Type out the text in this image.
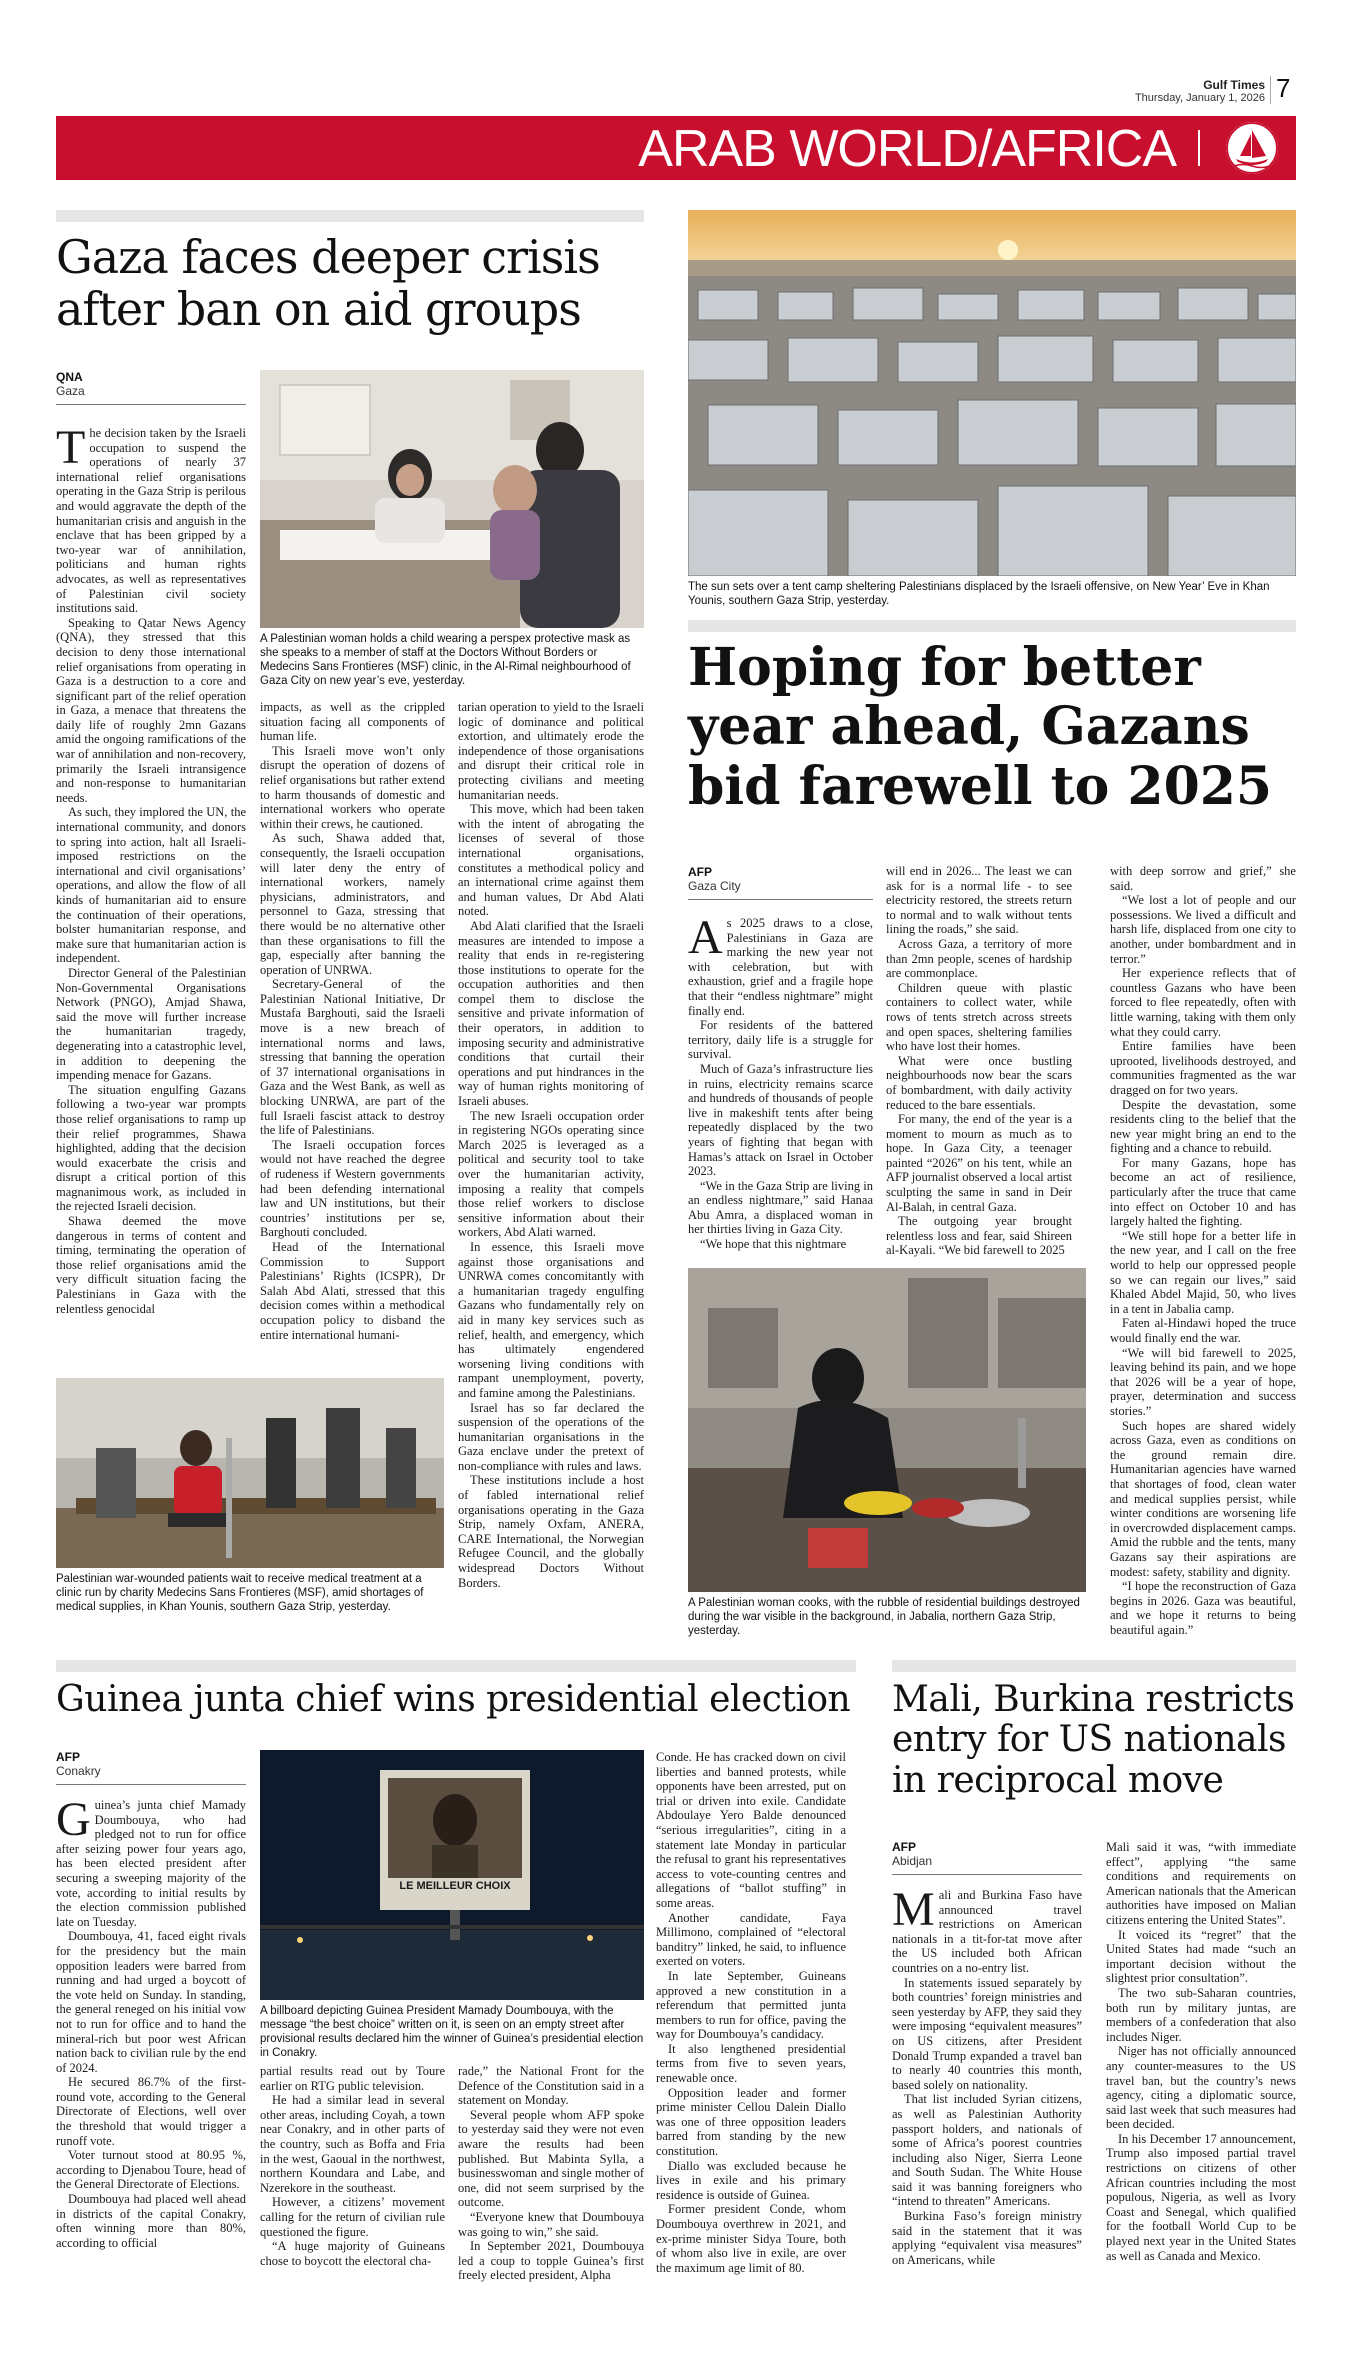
Gulf Times
Thursday, January 1, 2026 7
ARAB WORLD/AFRICA
Gaza faces deeper crisis after ban on aid groups
QNA
Gaza
A Palestinian woman holds a child wearing a perspex protective mask as she speaks to a member of staff at the Doctors Without Borders or Medecins Sans Frontieres (MSF) clinic, in the Al-Rimal neighbourhood of Gaza City on new year’s eve, yesterday.

The decision taken by the Israeli occupation to suspend the operations of nearly 37 international relief organisations operating in the Gaza Strip is perilous and would aggravate the depth of the humanitarian crisis and anguish in the enclave that has been gripped by a two-year war of annihilation, politicians and human rights advocates, as well as representatives of Palestinian civil society institutions said.

Speaking to Qatar News Agency (QNA), they stressed that this decision to deny those international relief organisations from operating in Gaza is a destruction to a core and significant part of the relief operation in Gaza, a menace that threatens the daily life of roughly 2mn Gazans amid the ongoing ramifications of the war of annihilation and non-recovery, primarily the Israeli intransigence and non-response to humanitarian needs.

As such, they implored the UN, the international community, and donors to spring into action, halt all Israeli-imposed restrictions on the international and civil organisations’ operations, and allow the flow of all kinds of humanitarian aid to ensure the continuation of their operations, bolster humanitarian response, and make sure that humanitarian action is independent.

Director General of the Palestinian Non-Governmental Organisations Network (PNGO), Amjad Shawa, said the move will further increase the humanitarian tragedy, degenerating into a catastrophic level, in addition to deepening the impending menace for Gazans.

The situation engulfing Gazans following a two-year war prompts those relief organisations to ramp up their relief programmes, Shawa highlighted, adding that the decision would exacerbate the crisis and disrupt a critical portion of this magnanimous work, as included in the rejected Israeli decision.

Shawa deemed the move dangerous in terms of content and timing, terminating the operation of those relief organisations amid the very difficult situation facing the Palestinians in Gaza with the relentless genocidal

impacts, as well as the crippled situation facing all components of human life.

This Israeli move won’t only disrupt the operation of dozens of relief organisations but rather extend to harm thousands of domestic and international workers who operate within their crews, he cautioned.

As such, Shawa added that, consequently, the Israeli occupation will later deny the entry of international workers, namely physicians, administrators, and personnel to Gaza, stressing that there would be no alternative other than these organisations to fill the gap, especially after banning the operation of UNRWA.

Secretary-General of the Palestinian National Initiative, Dr Mustafa Barghouti, said the Israeli move is a new breach of international norms and laws, stressing that banning the operation of 37 international organisations in Gaza and the West Bank, as well as blocking UNRWA, are part of the full Israeli fascist attack to destroy the life of Palestinians.

The Israeli occupation forces would not have reached the degree of rudeness if Western governments had been defending international law and UN institutions, but their countries’ institutions per se, Barghouti concluded.

Head of the International Commission to Support Palestinians’ Rights (ICSPR), Dr Salah Abd Alati, stressed that this decision comes within a methodical occupation policy to disband the entire international humani-

tarian operation to yield to the Israeli logic of dominance and political extortion, and ultimately erode the independence of those organisations and disrupt their critical role in protecting civilians and meeting humanitarian needs.

This move, which had been taken with the intent of abrogating the licenses of several of those international organisations, constitutes a methodical policy and an international crime against them and human values, Dr Abd Alati noted.

Abd Alati clarified that the Israeli measures are intended to impose a reality that ends in re-registering those institutions to operate for the occupation authorities and then compel them to disclose the sensitive and private information of their operators, in addition to imposing security and administrative conditions that curtail their operations and put hindrances in the way of human rights monitoring of Israeli abuses.

The new Israeli occupation order in registering NGOs operating since March 2025 is leveraged as a political and security tool to take over the humanitarian activity, imposing a reality that compels those relief workers to disclose sensitive information about their workers, Abd Alati warned.

In essence, this Israeli move against those organisations and UNRWA comes concomitantly with a humanitarian tragedy engulfing Gazans who fundamentally rely on aid in many key services such as relief, health, and emergency, which has ultimately engendered worsening living conditions with rampant unemployment, poverty, and famine among the Palestinians.

Israel has so far declared the suspension of the operations of the humanitarian organisations in the Gaza enclave under the pretext of non-compliance with rules and laws.

These institutions include a host of fabled international relief organisations operating in the Gaza Strip, namely Oxfam, ANERA, CARE International, the Norwegian Refugee Council, and the globally widespread Doctors Without Borders.

Palestinian war-wounded patients wait to receive medical treatment at a clinic run by charity Medecins Sans Frontieres (MSF), amid shortages of medical supplies, in Khan Younis, southern Gaza Strip, yesterday.
The sun sets over a tent camp sheltering Palestinians displaced by the Israeli offensive, on New Year’ Eve in Khan Younis, southern Gaza Strip, yesterday.
Hoping for better year ahead, Gazans bid farewell to 2025
AFP
Gaza City

As 2025 draws to a close, Palestinians in Gaza are marking the new year not with celebration, but with exhaustion, grief and a fragile hope that their “endless nightmare” might finally end.

For residents of the battered territory, daily life is a struggle for survival.

Much of Gaza’s infrastructure lies in ruins, electricity remains scarce and hundreds of thousands of people live in makeshift tents after being repeatedly displaced by the two years of fighting that began with Hamas’s attack on Israel in October 2023.

“We in the Gaza Strip are living in an endless nightmare,” said Hanaa Abu Amra, a displaced woman in her thirties living in Gaza City.

“We hope that this nightmare

will end in 2026... The least we can ask for is a normal life - to see electricity restored, the streets return to normal and to walk without tents lining the roads,” she said.

Across Gaza, a territory of more than 2mn people, scenes of hardship are commonplace.

Children queue with plastic containers to collect water, while rows of tents stretch across streets and open spaces, sheltering families who have lost their homes.

What were once bustling neighbourhoods now bear the scars of bombardment, with daily activity reduced to the bare essentials.

For many, the end of the year is a moment to mourn as much as to hope. In Gaza City, a teenager painted “2026” on his tent, while an AFP journalist observed a local artist sculpting the same in sand in Deir Al-Balah, in central Gaza.

The outgoing year brought relentless loss and fear, said Shireen al-Kayali. “We bid farewell to 2025

with deep sorrow and grief,” she said.

“We lost a lot of people and our possessions. We lived a difficult and harsh life, displaced from one city to another, under bombardment and in terror.”

Her experience reflects that of countless Gazans who have been forced to flee repeatedly, often with little warning, taking with them only what they could carry.

Entire families have been uprooted, livelihoods destroyed, and communities fragmented as the war dragged on for two years.

Despite the devastation, some residents cling to the belief that the new year might bring an end to the fighting and a chance to rebuild.

For many Gazans, hope has become an act of resilience, particularly after the truce that came into effect on October 10 and has largely halted the fighting.

“We still hope for a better life in the new year, and I call on the free world to help our oppressed people so we can regain our lives,” said Khaled Abdel Majid, 50, who lives in a tent in Jabalia camp.

Faten al-Hindawi hoped the truce would finally end the war.

“We will bid farewell to 2025, leaving behind its pain, and we hope that 2026 will be a year of hope, prayer, determination and success stories.”

Such hopes are shared widely across Gaza, even as conditions on the ground remain dire. Humanitarian agencies have warned that shortages of food, clean water and medical supplies persist, while winter conditions are worsening life in overcrowded displacement camps. Amid the rubble and the tents, many Gazans say their aspirations are modest: safety, stability and dignity.

“I hope the reconstruction of Gaza begins in 2026. Gaza was beautiful, and we hope it returns to being beautiful again.”

A Palestinian woman cooks, with the rubble of residential buildings destroyed during the war visible in the background, in Jabalia, northern Gaza Strip, yesterday.
Guinea junta chief wins presidential election
AFP
Conakry
LE MEILLEUR CHOIX
A billboard depicting Guinea President Mamady Doumbouya, with the message “the best choice” written on it, is seen on an empty street after provisional results declared him the winner of Guinea’s presidential election in Conakry.

Guinea’s junta chief Mamady Doumbouya, who had pledged not to run for office after seizing power four years ago, has been elected president after securing a sweeping majority of the vote, according to initial results by the election commission published late on Tuesday.

Doumbouya, 41, faced eight rivals for the presidency but the main opposition leaders were barred from running and had urged a boycott of the vote held on Sunday. In standing, the general reneged on his initial vow not to run for office and to hand the mineral-rich but poor west African nation back to civilian rule by the end of 2024.

He secured 86.7% of the first-round vote, according to the General Directorate of Elections, well over the threshold that would trigger a runoff vote.

Voter turnout stood at 80.95 %, according to Djenabou Toure, head of the General Directorate of Elections.

Doumbouya had placed well ahead in districts of the capital Conakry, often winning more than 80%, according to official

partial results read out by Toure earlier on RTG public television.

He had a similar lead in several other areas, including Coyah, a town near Conakry, and in other parts of the country, such as Boffa and Fria in the west, Gaoual in the northwest, northern Koundara and Labe, and Nzerekore in the southeast.

However, a citizens’ movement calling for the return of civilian rule questioned the figure.

“A huge majority of Guineans chose to boycott the electoral cha-

rade,” the National Front for the Defence of the Constitution said in a statement on Monday.

Several people whom AFP spoke to yesterday said they were not even aware the results had been published. But Mabinta Sylla, a businesswoman and single mother of one, did not seem surprised by the outcome.

“Everyone knew that Doumbouya was going to win,” she said.

In September 2021, Doumbouya led a coup to topple Guinea’s first freely elected president, Alpha

Conde. He has cracked down on civil liberties and banned protests, while opponents have been arrested, put on trial or driven into exile. Candidate Abdoulaye Yero Balde denounced “serious irregularities”, citing in a statement late Monday in particular the refusal to grant his representatives access to vote-counting centres and allegations of “ballot stuffing” in some areas.

Another candidate, Faya Millimono, complained of “electoral banditry” linked, he said, to influence exerted on voters.

In late September, Guineans approved a new constitution in a referendum that permitted junta members to run for office, paving the way for Doumbouya’s candidacy.

It also lengthened presidential terms from five to seven years, renewable once.

Opposition leader and former prime minister Cellou Dalein Diallo was one of three opposition leaders barred from standing by the new constitution.

Diallo was excluded because he lives in exile and his primary residence is outside of Guinea.

Former president Conde, whom Doumbouya overthrew in 2021, and ex-prime minister Sidya Toure, both of whom also live in exile, are over the maximum age limit of 80.

Mali, Burkina restricts entry for US nationals in reciprocal move
AFP
Abidjan

Mali and Burkina Faso have announced travel restrictions on American nationals in a tit-for-tat move after the US included both African countries on a no-entry list.

In statements issued separately by both countries’ foreign ministries and seen yesterday by AFP, they said they were imposing “equivalent measures” on US citizens, after President Donald Trump expanded a travel ban to nearly 40 countries this month, based solely on nationality.

That list included Syrian citizens, as well as Palestinian Authority passport holders, and nationals of some of Africa’s poorest countries including also Niger, Sierra Leone and South Sudan. The White House said it was banning foreigners who “intend to threaten” Americans.

Burkina Faso’s foreign ministry said in the statement that it was applying “equivalent visa measures” on Americans, while

Mali said it was, “with immediate effect”, applying “the same conditions and requirements on American nationals that the American authorities have imposed on Malian citizens entering the United States”.

It voiced its “regret” that the United States had made “such an important decision without the slightest prior consultation”.

The two sub-Saharan countries, both run by military juntas, are members of a confederation that also includes Niger.

Niger has not officially announced any counter-measures to the US travel ban, but the country’s news agency, citing a diplomatic source, said last week that such measures had been decided.

In his December 17 announcement, Trump also imposed partial travel restrictions on citizens of other African countries including the most populous, Nigeria, as well as Ivory Coast and Senegal, which qualified for the football World Cup to be played next year in the United States as well as Canada and Mexico.
